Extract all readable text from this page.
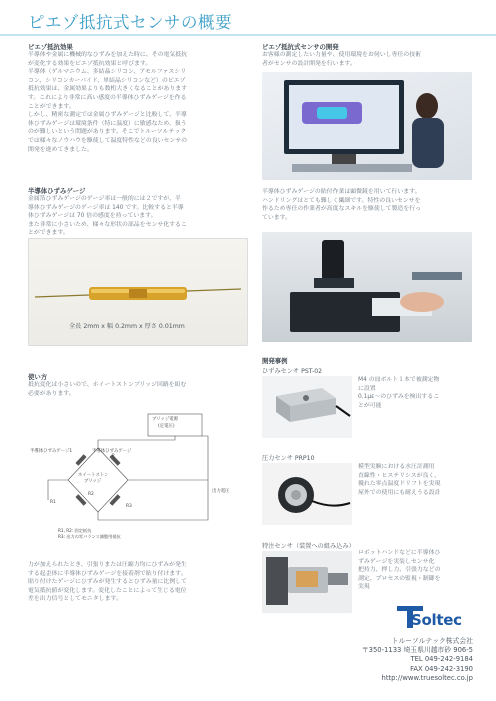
ピエゾ抵抗式センサの概要
ピエゾ抵抗効果
半導体や金属に機械的なひずみを加えた時に、その電気抵抗
が変化する効果をピエゾ抵抗効果と呼びます。
半導体（ゲルマニウム、多結晶シリコン、アモルファスシリ
コン、シリコンカーバイド、単結晶シリコンなど）のピエゾ
抵抗効果は、金属効果よりも数桁大きくなることがあります
す。これにより非常に高い感度の半導体ひずみゲージを作る
ことができます。
しかし、精密な測定では金属ひずみゲージと比較して、半導
体ひずみゲージは環境条件（特に温度）に敏感なため、扱う
のが難しいという問題があります。そこでトルーソルテック
では様々なノウハウを駆使して温度特性などの良いセンサの
開発を進めてきました。
半導体ひずみゲージ
金属箔ひずみゲージのゲージ率は一般的には２ですが、半
導体ひずみゲージのゲージ率は 140 です。比較すると半導
体ひずみゲージは 70 倍の感度を持っています。
また非常に小さいため、様々な形状の部品をセンサ化するこ
とができます。
全長 2mm x 幅 0.2mm x 厚さ 0.01mm
使い方
抵抗変化は小さいので、ホイートストンブリッジ回路を組む
必要があります。
ブリッジ電源
(定電圧)
半導体ひずみゲージ1	半導体ひずみゲージ
2
ホイートストン
ブリッジ
R1
R2
R3
出力電圧
R1, R2: 固定抵抗
R3: 出力の零バランス調整用抵抗
力が加えられたとき、引張りまたは圧縮力均にひずみが発生
する起歪体に半導体ひずみゲージを接着剤で貼り付けます。
貼り付けたゲージにひずみが発生するとひずみ量に比例して
電気抵抗値が変化します。変化したことによって生じる電位
差を出力信号としてモニタします。
ピエゾ抵抗式センサの開発
お客様の測定したい力量や、使用環境をお伺いし専任の技術
者がセンサの設計開発を行います。
半導体ひずみゲージの貼付作業は顕微鏡を用いて行います。
ハンドリングはとても難しく繊細です。特性の良いセンサを
作るため専任の作業者が高度なスキルを駆使して製造を行っ
ています。
開発事例
ひずみセンサ PST-02
M4 の皿ボルト１本で被測定物
に設置
0.1με～のひずみを検出するこ
とが可能
圧力センサ PRP10
模型実験における水圧計測用
直線性・ヒステリシスが良く、
優れた零点温度ドリフトを実現
屋外での使用にも耐えうる設計
特注センサ（装置への組み込み）
ロボットハンドなどに半導体ひ
ずみゲージを実装しセンサ化
把持力、押し力、引張力などの
測定、プロセスの監視・制御を
実現
Soltec
トルーソルテック株式会社
〒350-1133 埼玉県川越市砂 906-5
TEL 049-242-9184
FAX 049-242-3190
http://www.truesoltec.co.jp
